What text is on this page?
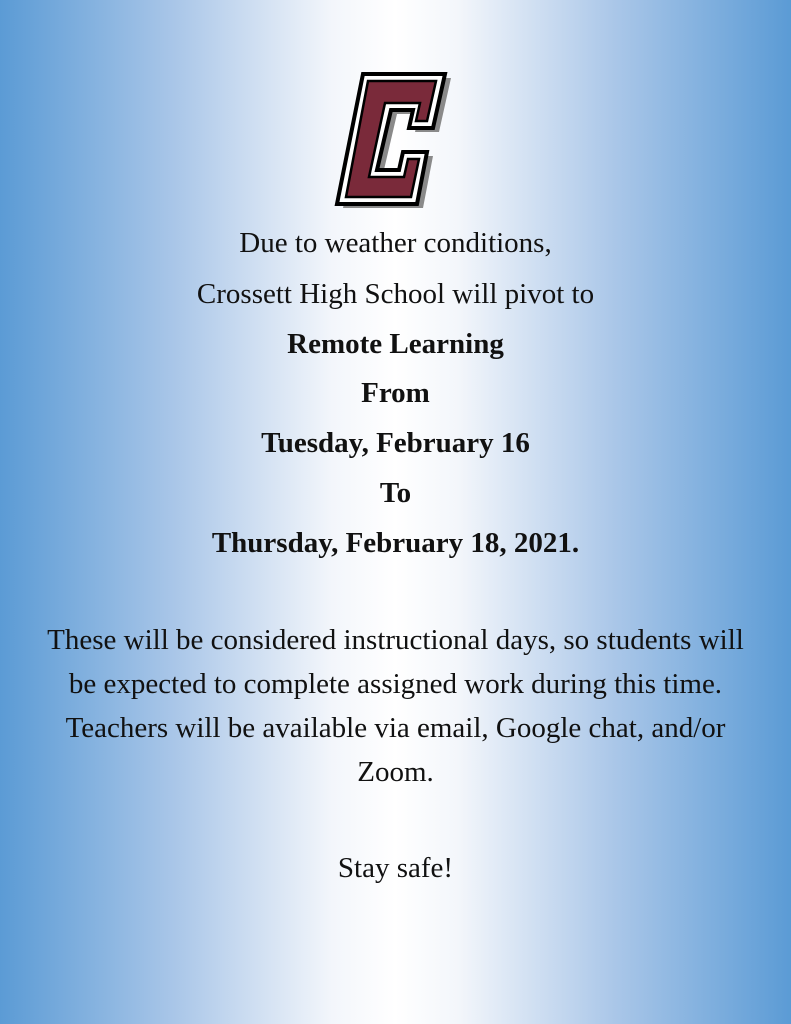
Due to weather conditions,
Crossett High School will pivot to
Remote Learning
From
Tuesday, February 16
To
Thursday, February 18, 2021.
These will be considered instructional days, so students will be expected to complete assigned work during this time. Teachers will be available via email, Google chat, and/or Zoom.
Stay safe!
